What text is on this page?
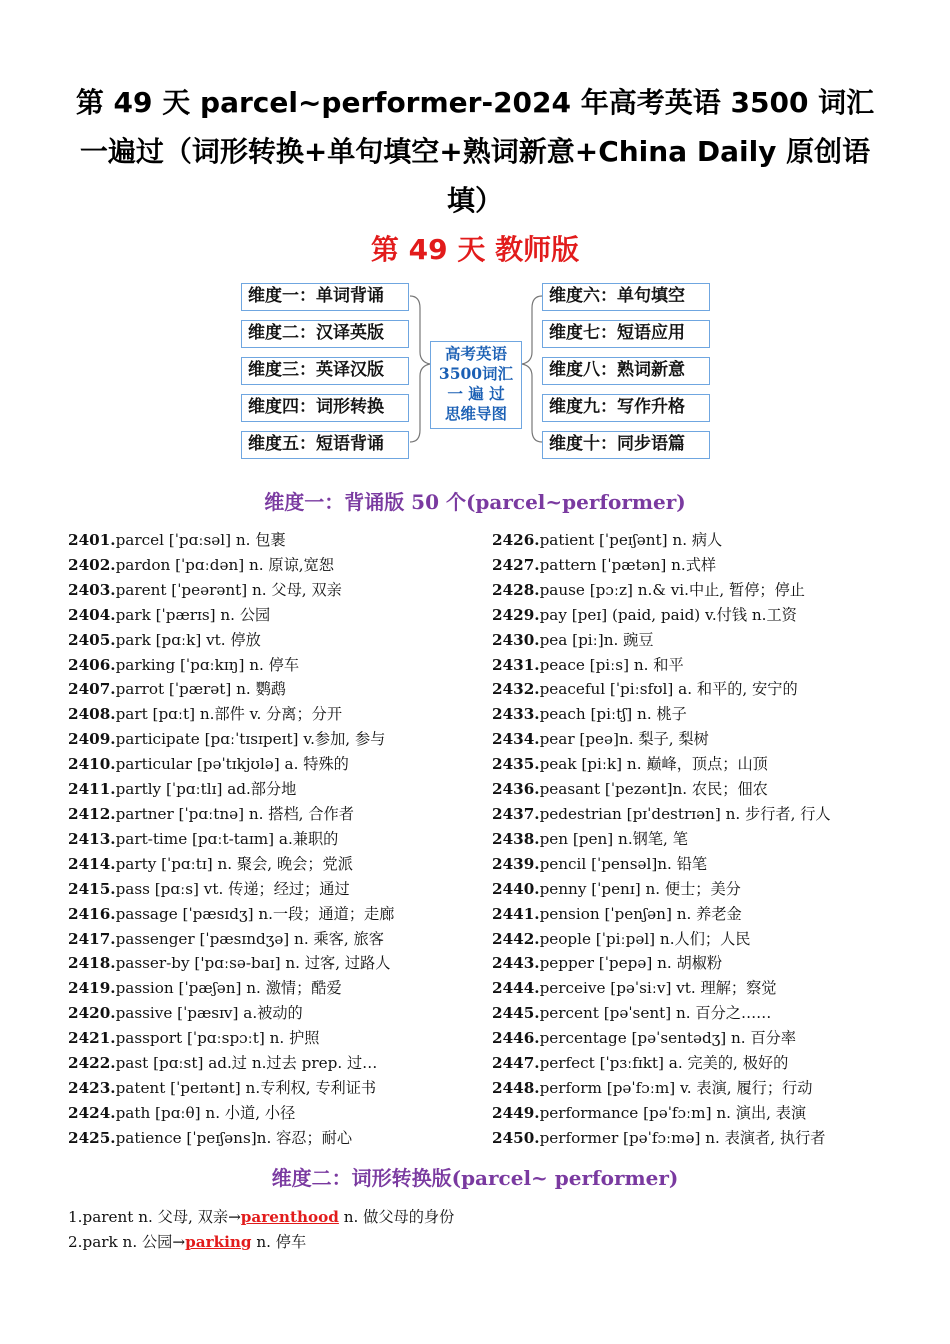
第 49 天 parcel~performer-2024 年高考英语 3500 词汇
一遍过（词形转换+单句填空+熟词新意+China Daily 原创语
填）
第 49 天 教师版
维度一：单词背诵
维度二：汉译英版
维度三：英译汉版
维度四：词形转换
维度五：短语背诵
维度六：单句填空
维度七：短语应用
维度八：熟词新意
维度九：写作升格
维度十：同步语篇
高考英语
3500词汇
一 遍 过
思维导图
维度一：背诵版 50 个(parcel~performer)
2401.parcel [ˈpɑːsəl] n. 包裹
2402.pardon [ˈpɑːdən] n. 原谅,宽恕
2403.parent [ˈpeərənt] n. 父母, 双亲
2404.park [ˈpærɪs] n. 公园
2405.park [pɑːk] vt. 停放
2406.parking [ˈpɑːkɪŋ] n. 停车
2407.parrot [ˈpærət] n. 鹦鹉
2408.part [pɑːt] n.部件 v. 分离；分开
2409.participate [pɑːˈtɪsɪpeɪt] v.参加, 参与
2410.particular [pəˈtɪkjʊlə] a. 特殊的
2411.partly [ˈpɑːtlɪ] ad.部分地
2412.partner [ˈpɑːtnə] n. 搭档, 合作者
2413.part-time [pɑːt-taɪm] a.兼职的
2414.party [ˈpɑːtɪ] n. 聚会, 晚会；党派
2415.pass [pɑːs] vt. 传递；经过；通过
2416.passage [ˈpæsɪdʒ] n.一段；通道；走廊
2417.passenger [ˈpæsɪndʒə] n. 乘客, 旅客
2418.passer-by ['pɑːsə-baɪ] n. 过客, 过路人
2419.passion [ˈpæʃən] n. 激情；酷爱
2420.passive [ˈpæsɪv] a.被动的
2421.passport [ˈpɑːspɔːt] n. 护照
2422.past [pɑːst] ad.过 n.过去 prep. 过…
2423.patent [ˈpeɪtənt] n.专利权, 专利证书
2424.path [pɑːθ] n. 小道, 小径
2425.patience [ˈpeɪʃəns]n. 容忍；耐心
2426.patient [ˈpeɪʃənt] n. 病人
2427.pattern [ˈpætən] n.式样
2428.pause [pɔːz] n.& vi.中止, 暂停；停止
2429.pay [peɪ] (paid, paid) v.付钱 n.工资
2430.pea [piː]n. 豌豆
2431.peace [piːs] n. 和平
2432.peaceful [ˈpiːsfʊl] a. 和平的, 安宁的
2433.peach [piːtʃ] n. 桃子
2434.pear [peə]n. 梨子, 梨树
2435.peak [piːk] n. 巅峰，顶点；山顶
2436.peasant [ˈpezənt]n. 农民；佃农
2437.pedestrian [pɪˈdestrɪən] n. 步行者, 行人
2438.pen [pen] n.钢笔, 笔
2439.pencil [ˈpensəl]n. 铅笔
2440.penny [ˈpenɪ] n. 便士；美分
2441.pension [ˈpenʃən] n. 养老金
2442.people [ˈpiːpəl] n.人们；人民
2443.pepper [ˈpepə] n. 胡椒粉
2444.perceive [pəˈsiːv] vt. 理解；察觉
2445.percent [pəˈsent] n. 百分之……
2446.percentage [pəˈsentədʒ] n. 百分率
2447.perfect [ˈpɜːfɪkt] a. 完美的, 极好的
2448.perform [pəˈfɔːm] v. 表演, 履行；行动
2449.performance [pəˈfɔːm] n. 演出, 表演
2450.performer [pəˈfɔːmə] n. 表演者, 执行者
维度二：词形转换版(parcel~ performer)
1.parent n. 父母, 双亲→parenthood n. 做父母的身份
2.park n. 公园→parking n. 停车
